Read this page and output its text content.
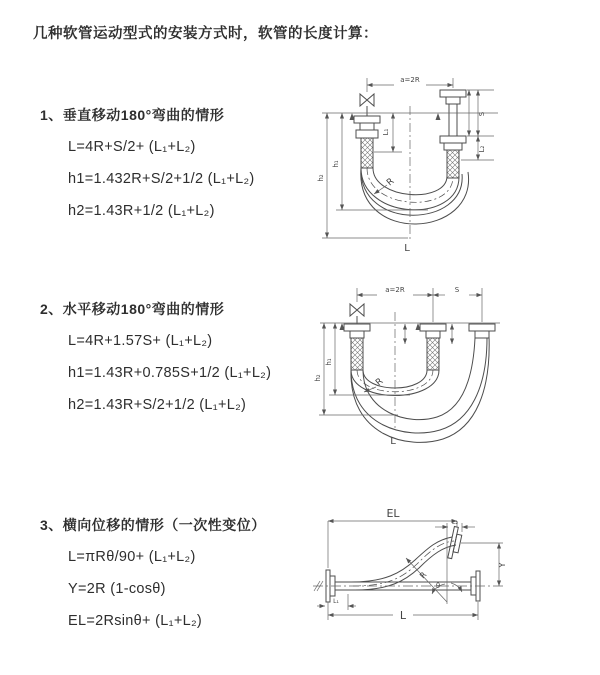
几种软管运动型式的安装方式时，软管的长度计算：
1、垂直移动180°弯曲的情形

L=4R+S/2+ (L₁+L₂)

h1=1.432R+S/2+1/2 (L₁+L₂)

h2=1.43R+1/2 (L₁+L₂)

2、水平移动180°弯曲的情形

L=4R+1.57S+ (L₁+L₂)

h1=1.43R+0.785S+1/2 (L₁+L₂)

h2=1.43R+S/2+1/2 (L₁+L₂)

3、横向位移的情形（一次性变位）

L=πRθ/90+ (L₁+L₂)

Y=2R (1-cosθ)

EL=2Rsinθ+ (L₁+L₂)

a=2R
L₁
h₁
h₂
S
L₂
R
L
a=2R	S
h₁
h₂	R
L
EL
L₂
R
Y
θ
L₁
L
